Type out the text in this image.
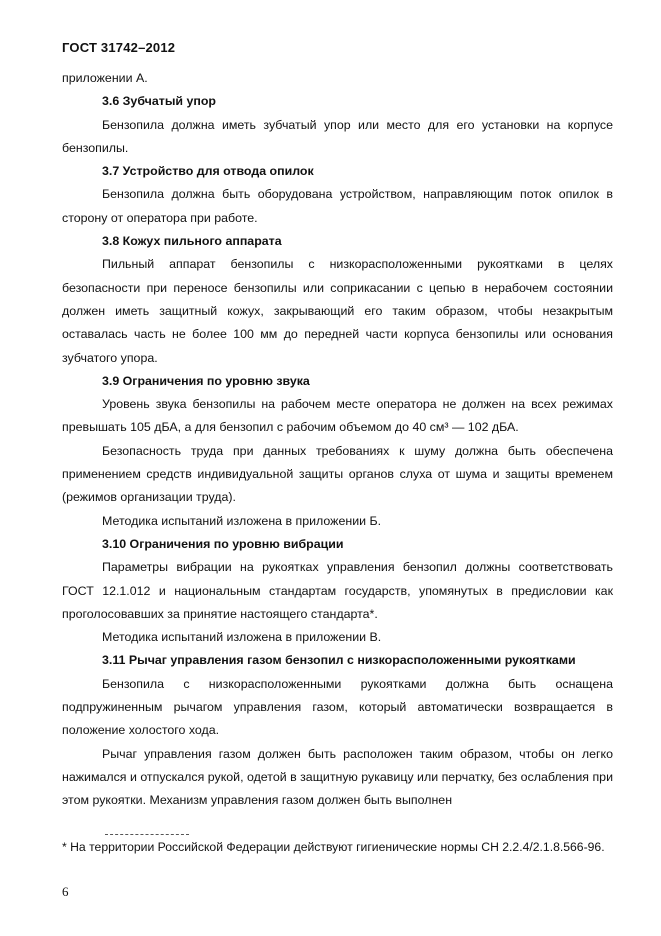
ГОСТ 31742–2012

приложении А.

3.6 Зубчатый упор

Бензопила должна иметь зубчатый упор или место для его установки на корпусе бензопилы.

3.7 Устройство для отвода опилок

Бензопила должна быть оборудована устройством, направляющим поток опилок в сторону от оператора при работе.

3.8 Кожух пильного аппарата

Пильный аппарат бензопилы с низкорасположенными рукоятками в целях безопасности при переносе бензопилы или соприкасании с цепью в нерабочем состоянии должен иметь защитный кожух, закрывающий его таким образом, чтобы незакрытым оставалась часть не более 100 мм до передней части корпуса бензопилы или основания зубчатого упора.

3.9 Ограничения по уровню звука

Уровень звука бензопилы на рабочем месте оператора не должен на всех режимах превышать 105 дБА, а для бензопил с рабочим объемом до 40 см³ — 102 дБА.

Безопасность труда при данных требованиях к шуму должна быть обеспечена применением средств индивидуальной защиты органов слуха от шума и защиты временем (режимов организации труда).

Методика испытаний изложена в приложении Б.

3.10 Ограничения по уровню вибрации

Параметры вибрации на рукоятках управления бензопил должны соответствовать ГОСТ 12.1.012 и национальным стандартам государств, упомянутых в предисловии как проголосовавших за принятие настоящего стандарта*.

Методика испытаний изложена в приложении В.

3.11 Рычаг управления газом бензопил с низкорасположенными рукоятками

Бензопила с низкорасположенными рукоятками должна быть оснащена подпружиненным рычагом управления газом, который автоматически возвращается в положение холостого хода.

Рычаг управления газом должен быть расположен таким образом, чтобы он легко нажимался и отпускался рукой, одетой в защитную рукавицу или перчатку, без ослабления при этом рукоятки. Механизм управления газом должен быть выполнен

* На территории Российской Федерации действуют гигиенические нормы СН 2.2.4/2.1.8.566-96.
6
